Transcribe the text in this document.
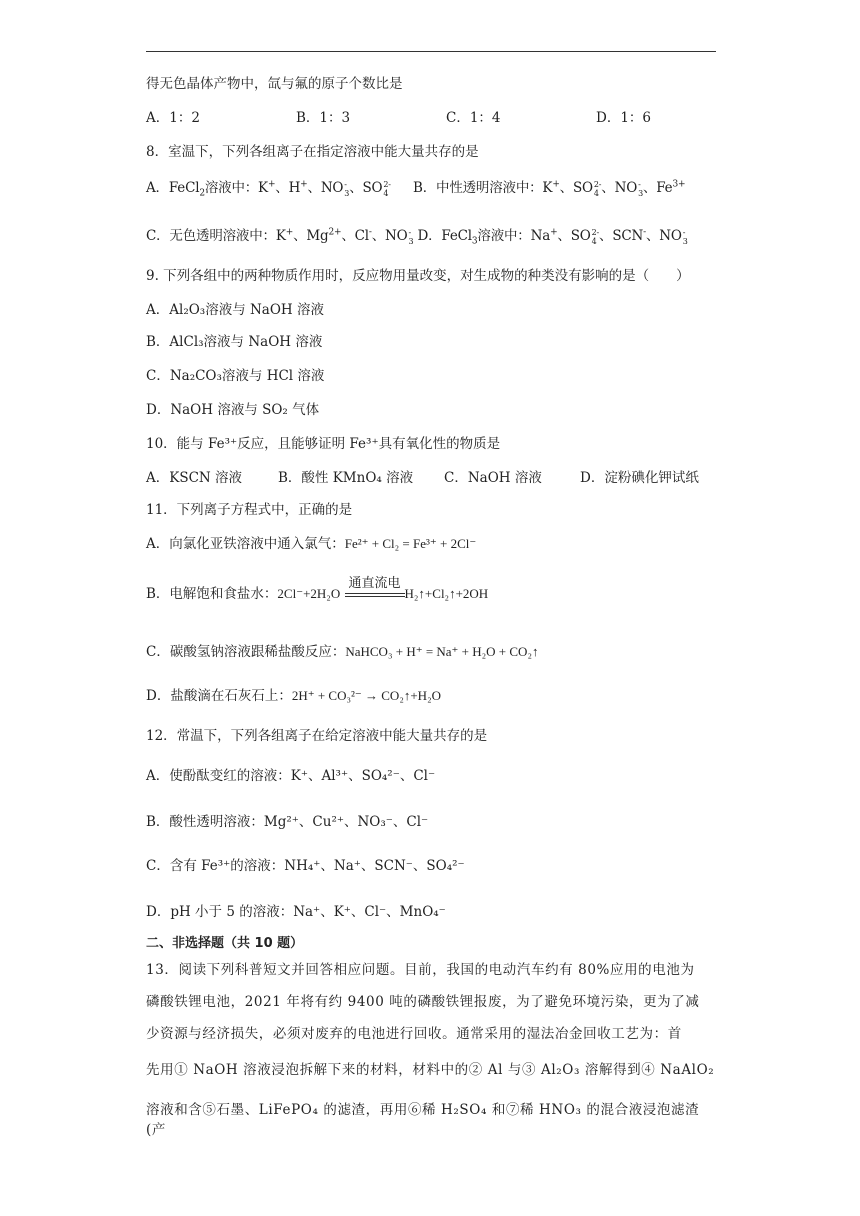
得无色晶体产物中，氙与氟的原子个数比是
A．1：2	B．1：3	C．1：4	D．1：6
8．室温下，下列各组离子在指定溶液中能大量共存的是
A．FeCl$_2$溶液中：K+、H+、NO -
3 、SO 2-
4 B．中性透明溶液中：K+、SO 2-
4 、NO -
3 、$Fe^{3+}$
C．无色透明溶液中：K+、$Mg^{2+}$、Cl-、NO -
3 D．FeCl$_3$溶液中：Na+、SO 2-
4 、SCN-、NO -
3
9. 下列各组中的两种物质作用时，反应物用量改变，对生成物的种类没有影响的是（　　）
A．Al₂O₃溶液与 NaOH 溶液
B．AlCl₃溶液与 NaOH 溶液
C．Na₂CO₃溶液与 HCl 溶液
D．NaOH 溶液与 SO₂ 气体
10．能与 Fe³⁺反应，且能够证明 Fe³⁺具有氧化性的物质是
A．KSCN 溶液	B．酸性 KMnO₄ 溶液 C．NaOH 溶液	D．淀粉碘化钾试纸
11．下列离子方程式中，正确的是
A．向氯化亚铁溶液中通入氯气：Fe²⁺ + Cl₂ = Fe³⁺ + 2Cl⁻
B．电解饱和食盐水：2Cl⁻+2H₂O
通直流电
H₂↑+Cl₂↑+2OH
C．碳酸氢钠溶液跟稀盐酸反应：NaHCO₃ + H⁺ = Na⁺ + H₂O + CO₂↑
D．盐酸滴在石灰石上：2H⁺ + CO₃²⁻ → CO₂↑+H₂O
12．常温下，下列各组离子在给定溶液中能大量共存的是
A．使酚酞变红的溶液：K⁺、Al³⁺、SO₄²⁻、Cl⁻
B．酸性透明溶液：Mg²⁺、Cu²⁺、NO₃⁻、Cl⁻
C．含有 Fe³⁺的溶液：NH₄⁺、Na⁺、SCN⁻、SO₄²⁻
D．pH 小于 5 的溶液：Na⁺、K⁺、Cl⁻、MnO₄⁻
二、非选择题（共 10 题）
13．阅读下列科普短文并回答相应问题。目前，我国的电动汽车约有 80%应用的电池为
磷酸铁锂电池，2021 年将有约 9400 吨的磷酸铁锂报废，为了避免环境污染，更为了减
少资源与经济损失，必须对废弃的电池进行回收。通常采用的湿法冶金回收工艺为：首
先用① NaOH 溶液浸泡拆解下来的材料，材料中的② Al 与③ Al₂O₃ 溶解得到④ NaAlO₂
溶液和含⑤石墨、LiFePO₄ 的滤渣，再用⑥稀 H₂SO₄ 和⑦稀 HNO₃ 的混合液浸泡滤渣(产
